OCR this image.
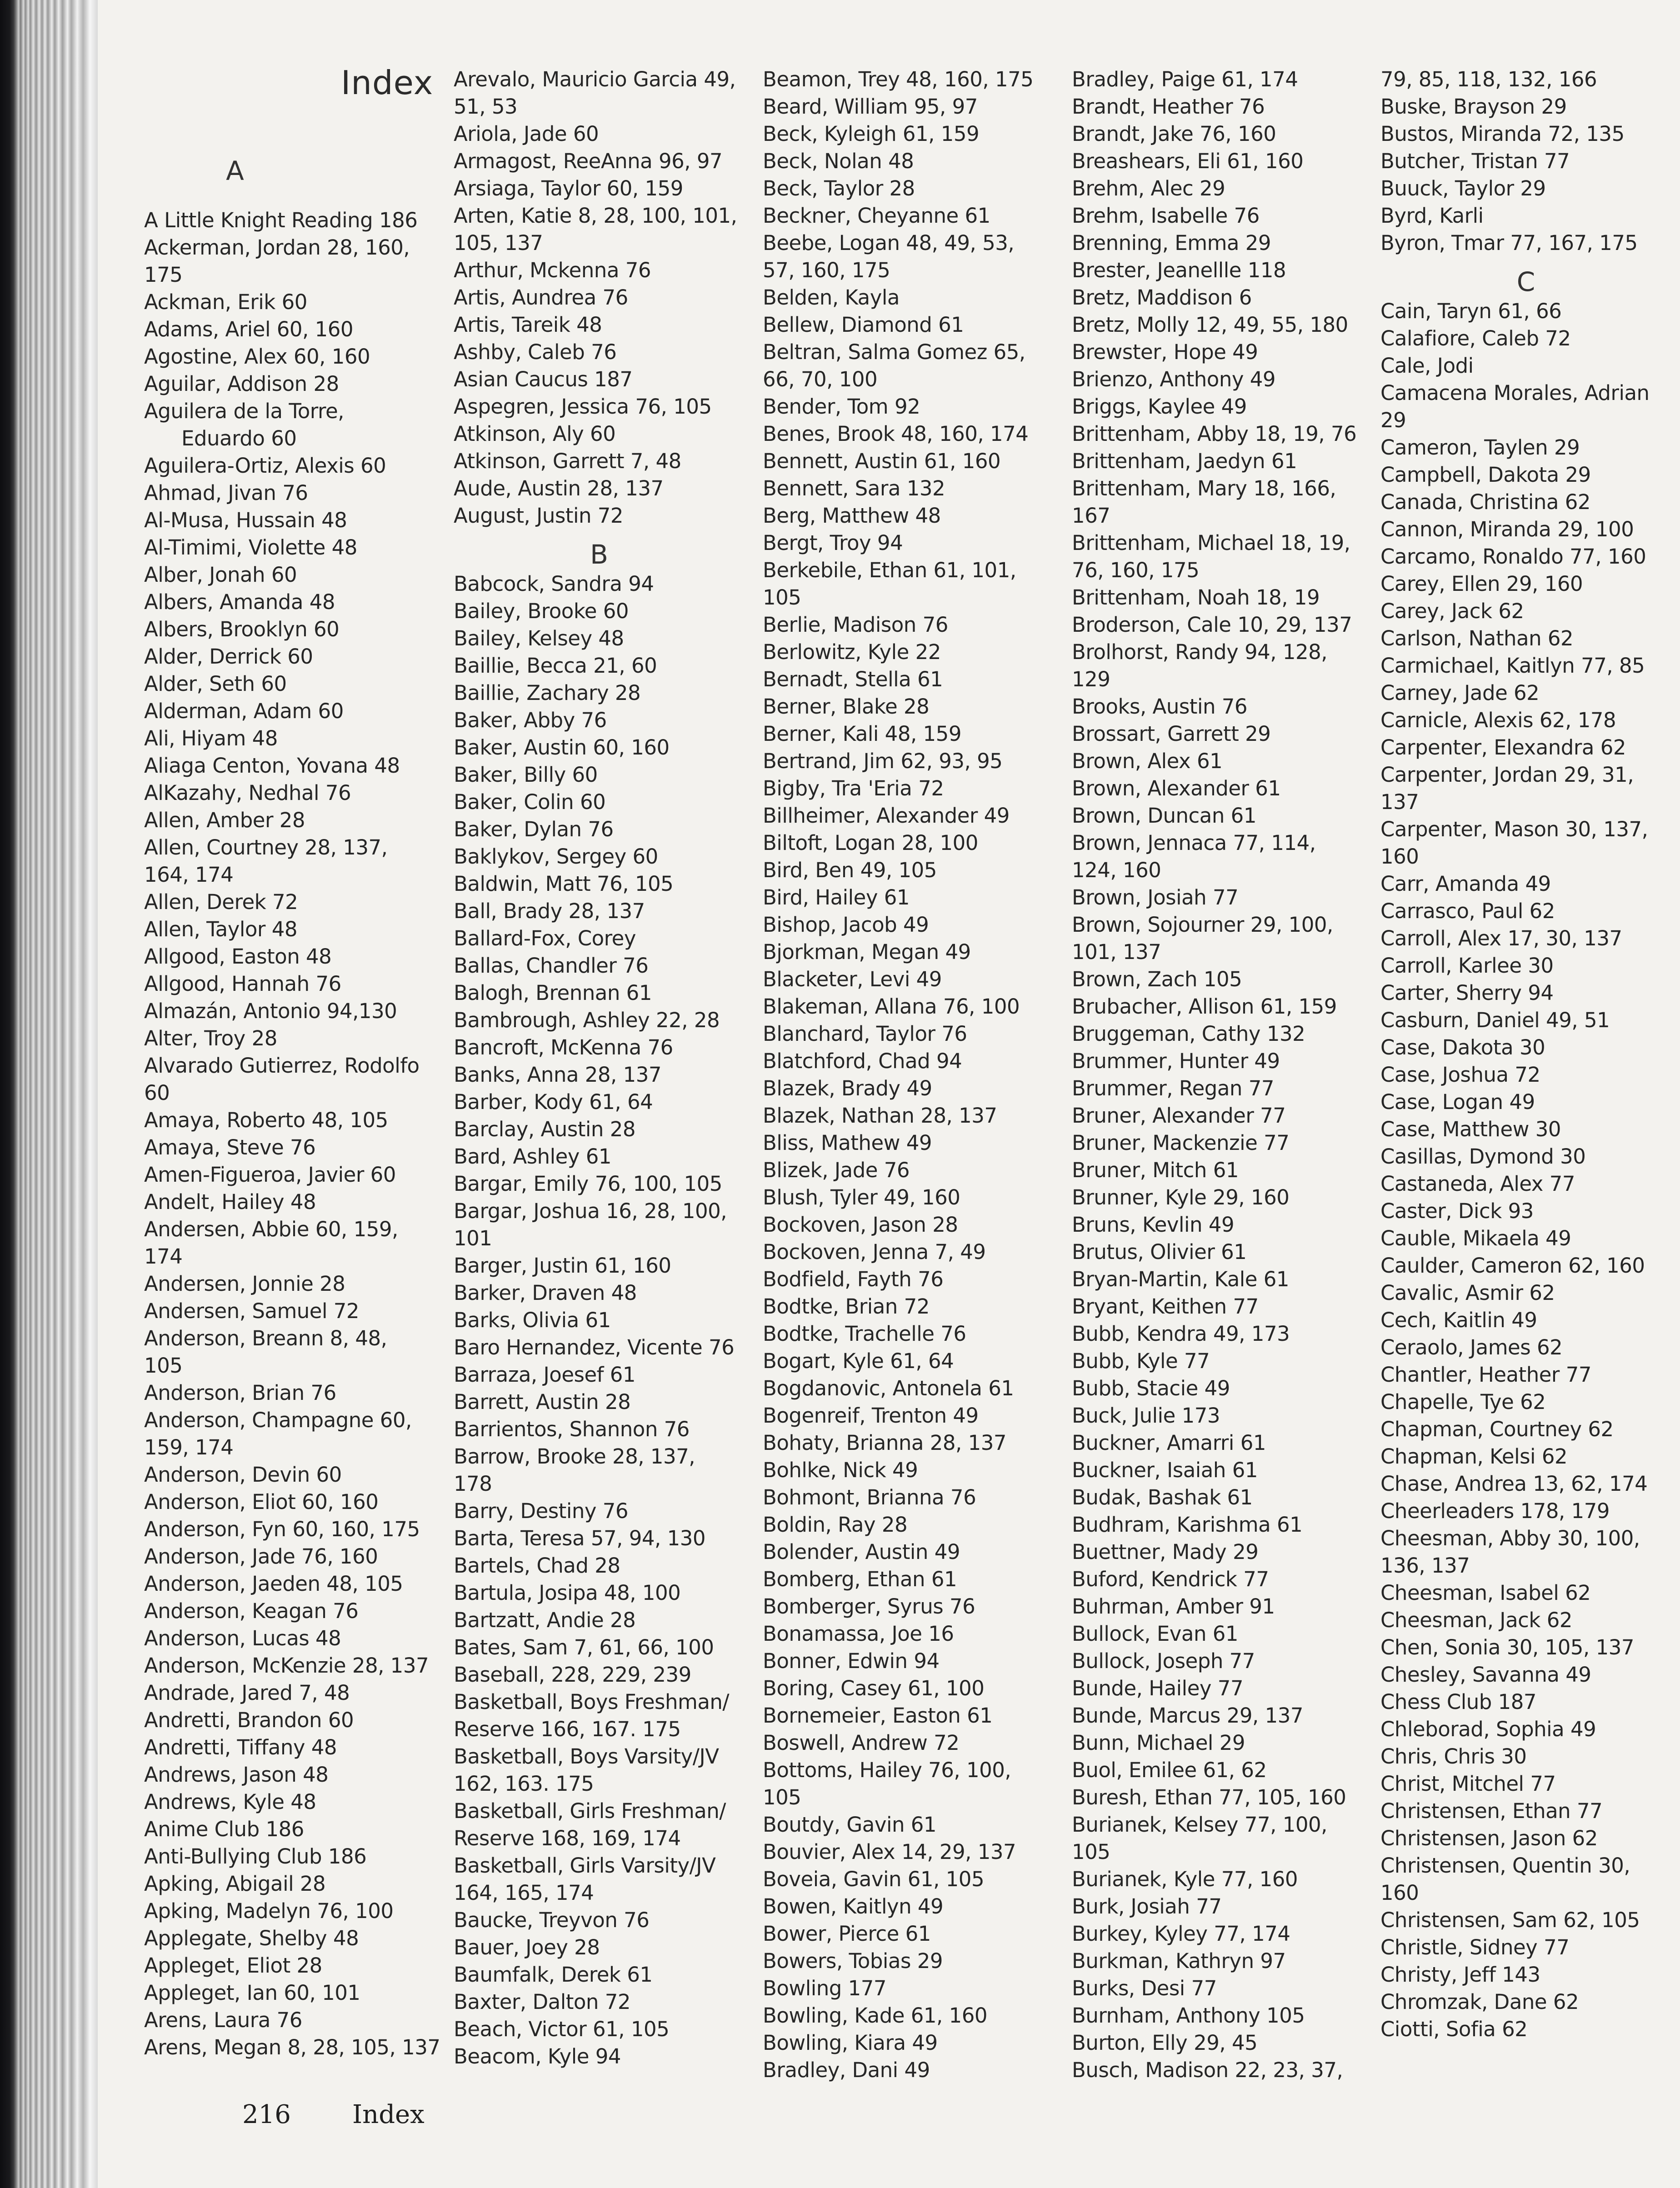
Index
A
A Little Knight Reading 186
Ackerman, Jordan 28, 160,
175
Ackman, Erik 60
Adams, Ariel 60, 160
Agostine, Alex 60, 160
Aguilar, Addison 28
Aguilera de la Torre,
Eduardo 60
Aguilera-Ortiz, Alexis 60
Ahmad, Jivan 76
Al-Musa, Hussain 48
Al-Timimi, Violette 48
Alber, Jonah 60
Albers, Amanda 48
Albers, Brooklyn 60
Alder, Derrick 60
Alder, Seth 60
Alderman, Adam 60
Ali, Hiyam 48
Aliaga Centon, Yovana 48
AlKazahy, Nedhal 76
Allen, Amber 28
Allen, Courtney 28, 137,
164, 174
Allen, Derek 72
Allen, Taylor 48
Allgood, Easton 48
Allgood, Hannah 76
Almazán, Antonio 94,130
Alter, Troy 28
Alvarado Gutierrez, Rodolfo
60
Amaya, Roberto 48, 105
Amaya, Steve 76
Amen-Figueroa, Javier 60
Andelt, Hailey 48
Andersen, Abbie 60, 159,
174
Andersen, Jonnie 28
Andersen, Samuel 72
Anderson, Breann 8, 48,
105
Anderson, Brian 76
Anderson, Champagne 60,
159, 174
Anderson, Devin 60
Anderson, Eliot 60, 160
Anderson, Fyn 60, 160, 175
Anderson, Jade 76, 160
Anderson, Jaeden 48, 105
Anderson, Keagan 76
Anderson, Lucas 48
Anderson, McKenzie 28, 137
Andrade, Jared 7, 48
Andretti, Brandon 60
Andretti, Tiffany 48
Andrews, Jason 48
Andrews, Kyle 48
Anime Club 186
Anti-Bullying Club 186
Apking, Abigail 28
Apking, Madelyn 76, 100
Applegate, Shelby 48
Appleget, Eliot 28
Appleget, Ian 60, 101
Arens, Laura 76
Arens, Megan 8, 28, 105, 137
Arevalo, Mauricio Garcia 49,
51, 53
Ariola, Jade 60
Armagost, ReeAnna 96, 97
Arsiaga, Taylor 60, 159
Arten, Katie 8, 28, 100, 101,
105, 137
Arthur, Mckenna 76
Artis, Aundrea 76
Artis, Tareik 48
Ashby, Caleb 76
Asian Caucus 187
Aspegren, Jessica 76, 105
Atkinson, Aly 60
Atkinson, Garrett 7, 48
Aude, Austin 28, 137
August, Justin 72
B
Babcock, Sandra 94
Bailey, Brooke 60
Bailey, Kelsey 48
Baillie, Becca 21, 60
Baillie, Zachary 28
Baker, Abby 76
Baker, Austin 60, 160
Baker, Billy 60
Baker, Colin 60
Baker, Dylan 76
Baklykov, Sergey 60
Baldwin, Matt 76, 105
Ball, Brady 28, 137
Ballard-Fox, Corey
Ballas, Chandler 76
Balogh, Brennan 61
Bambrough, Ashley 22, 28
Bancroft, McKenna 76
Banks, Anna 28, 137
Barber, Kody 61, 64
Barclay, Austin 28
Bard, Ashley 61
Bargar, Emily 76, 100, 105
Bargar, Joshua 16, 28, 100,
101
Barger, Justin 61, 160
Barker, Draven 48
Barks, Olivia 61
Baro Hernandez, Vicente 76
Barraza, Joesef 61
Barrett, Austin 28
Barrientos, Shannon 76
Barrow, Brooke 28, 137,
178
Barry, Destiny 76
Barta, Teresa 57, 94, 130
Bartels, Chad 28
Bartula, Josipa 48, 100
Bartzatt, Andie 28
Bates, Sam 7, 61, 66, 100
Baseball, 228, 229, 239
Basketball, Boys Freshman/
Reserve 166, 167. 175
Basketball, Boys Varsity/JV
162, 163. 175
Basketball, Girls Freshman/
Reserve 168, 169, 174
Basketball, Girls Varsity/JV
164, 165, 174
Baucke, Treyvon 76
Bauer, Joey 28
Baumfalk, Derek 61
Baxter, Dalton 72
Beach, Victor 61, 105
Beacom, Kyle 94
Beamon, Trey 48, 160, 175
Beard, William 95, 97
Beck, Kyleigh 61, 159
Beck, Nolan 48
Beck, Taylor 28
Beckner, Cheyanne 61
Beebe, Logan 48, 49, 53,
57, 160, 175
Belden, Kayla
Bellew, Diamond 61
Beltran, Salma Gomez 65,
66, 70, 100
Bender, Tom 92
Benes, Brook 48, 160, 174
Bennett, Austin 61, 160
Bennett, Sara 132
Berg, Matthew 48
Bergt, Troy 94
Berkebile, Ethan 61, 101,
105
Berlie, Madison 76
Berlowitz, Kyle 22
Bernadt, Stella 61
Berner, Blake 28
Berner, Kali 48, 159
Bertrand, Jim 62, 93, 95
Bigby, Tra 'Eria 72
Billheimer, Alexander 49
Biltoft, Logan 28, 100
Bird, Ben 49, 105
Bird, Hailey 61
Bishop, Jacob 49
Bjorkman, Megan 49
Blacketer, Levi 49
Blakeman, Allana 76, 100
Blanchard, Taylor 76
Blatchford, Chad 94
Blazek, Brady 49
Blazek, Nathan 28, 137
Bliss, Mathew 49
Blizek, Jade 76
Blush, Tyler 49, 160
Bockoven, Jason 28
Bockoven, Jenna 7, 49
Bodfield, Fayth 76
Bodtke, Brian 72
Bodtke, Trachelle 76
Bogart, Kyle 61, 64
Bogdanovic, Antonela 61
Bogenreif, Trenton 49
Bohaty, Brianna 28, 137
Bohlke, Nick 49
Bohmont, Brianna 76
Boldin, Ray 28
Bolender, Austin 49
Bomberg, Ethan 61
Bomberger, Syrus 76
Bonamassa, Joe 16
Bonner, Edwin 94
Boring, Casey 61, 100
Bornemeier, Easton 61
Boswell, Andrew 72
Bottoms, Hailey 76, 100,
105
Boutdy, Gavin 61
Bouvier, Alex 14, 29, 137
Boveia, Gavin 61, 105
Bowen, Kaitlyn 49
Bower, Pierce 61
Bowers, Tobias 29
Bowling 177
Bowling, Kade 61, 160
Bowling, Kiara 49
Bradley, Dani 49
Bradley, Paige 61, 174
Brandt, Heather 76
Brandt, Jake 76, 160
Breashears, Eli 61, 160
Brehm, Alec 29
Brehm, Isabelle 76
Brenning, Emma 29
Brester, Jeanellle 118
Bretz, Maddison 6
Bretz, Molly 12, 49, 55, 180
Brewster, Hope 49
Brienzo, Anthony 49
Briggs, Kaylee 49
Brittenham, Abby 18, 19, 76
Brittenham, Jaedyn 61
Brittenham, Mary 18, 166,
167
Brittenham, Michael 18, 19,
76, 160, 175
Brittenham, Noah 18, 19
Broderson, Cale 10, 29, 137
Brolhorst, Randy 94, 128,
129
Brooks, Austin 76
Brossart, Garrett 29
Brown, Alex 61
Brown, Alexander 61
Brown, Duncan 61
Brown, Jennaca 77, 114,
124, 160
Brown, Josiah 77
Brown, Sojourner 29, 100,
101, 137
Brown, Zach 105
Brubacher, Allison 61, 159
Bruggeman, Cathy 132
Brummer, Hunter 49
Brummer, Regan 77
Bruner, Alexander 77
Bruner, Mackenzie 77
Bruner, Mitch 61
Brunner, Kyle 29, 160
Bruns, Kevlin 49
Brutus, Olivier 61
Bryan-Martin, Kale 61
Bryant, Keithen 77
Bubb, Kendra 49, 173
Bubb, Kyle 77
Bubb, Stacie 49
Buck, Julie 173
Buckner, Amarri 61
Buckner, Isaiah 61
Budak, Bashak 61
Budhram, Karishma 61
Buettner, Mady 29
Buford, Kendrick 77
Buhrman, Amber 91
Bullock, Evan 61
Bullock, Joseph 77
Bunde, Hailey 77
Bunde, Marcus 29, 137
Bunn, Michael 29
Buol, Emilee 61, 62
Buresh, Ethan 77, 105, 160
Burianek, Kelsey 77, 100,
105
Burianek, Kyle 77, 160
Burk, Josiah 77
Burkey, Kyley 77, 174
Burkman, Kathryn 97
Burks, Desi 77
Burnham, Anthony 105
Burton, Elly 29, 45
Busch, Madison 22, 23, 37,
79, 85, 118, 132, 166
Buske, Brayson 29
Bustos, Miranda 72, 135
Butcher, Tristan 77
Buuck, Taylor 29
Byrd, Karli
Byron, Tmar 77, 167, 175
C
Cain, Taryn 61, 66
Calafiore, Caleb 72
Cale, Jodi
Camacena Morales, Adrian
29
Cameron, Taylen 29
Campbell, Dakota 29
Canada, Christina 62
Cannon, Miranda 29, 100
Carcamo, Ronaldo 77, 160
Carey, Ellen 29, 160
Carey, Jack 62
Carlson, Nathan 62
Carmichael, Kaitlyn 77, 85
Carney, Jade 62
Carnicle, Alexis 62, 178
Carpenter, Elexandra 62
Carpenter, Jordan 29, 31,
137
Carpenter, Mason 30, 137,
160
Carr, Amanda 49
Carrasco, Paul 62
Carroll, Alex 17, 30, 137
Carroll, Karlee 30
Carter, Sherry 94
Casburn, Daniel 49, 51
Case, Dakota 30
Case, Joshua 72
Case, Logan 49
Case, Matthew 30
Casillas, Dymond 30
Castaneda, Alex 77
Caster, Dick 93
Cauble, Mikaela 49
Caulder, Cameron 62, 160
Cavalic, Asmir 62
Cech, Kaitlin 49
Ceraolo, James 62
Chantler, Heather 77
Chapelle, Tye 62
Chapman, Courtney 62
Chapman, Kelsi 62
Chase, Andrea 13, 62, 174
Cheerleaders 178, 179
Cheesman, Abby 30, 100,
136, 137
Cheesman, Isabel 62
Cheesman, Jack 62
Chen, Sonia 30, 105, 137
Chesley, Savanna 49
Chess Club 187
Chleborad, Sophia 49
Chris, Chris 30
Christ, Mitchel 77
Christensen, Ethan 77
Christensen, Jason 62
Christensen, Quentin 30,
160
Christensen, Sam 62, 105
Christle, Sidney 77
Christy, Jeff 143
Chromzak, Dane 62
Ciotti, Sofia 62
216 Index
